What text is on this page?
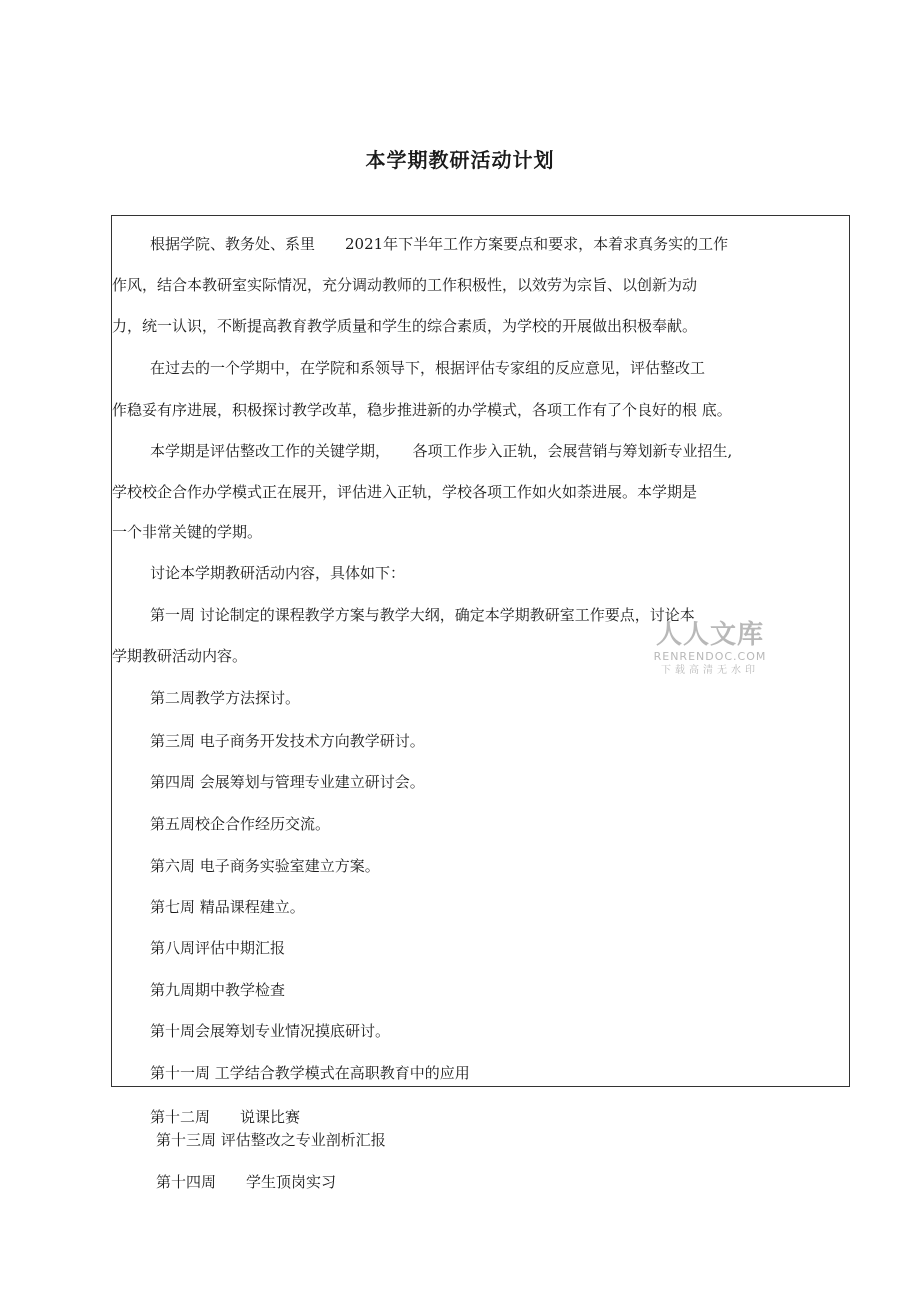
本学期教研活动计划
根据学院、教务处、系里　　2021年下半年工作方案要点和要求，本着求真务实的工作
作风，结合本教研室实际情况，充分调动教师的工作积极性，以效劳为宗旨、以创新为动
力，统一认识，不断提高教育教学质量和学生的综合素质，为学校的开展做出积极奉献。
在过去的一个学期中，在学院和系领导下，根据评估专家组的反应意见，评估整改工
作稳妥有序进展，积极探讨教学改革，稳步推进新的办学模式，各项工作有了个良好的根 底。
本学期是评估整改工作的关键学期，　　各项工作步入正轨，会展营销与筹划新专业招生,
学校校企合作办学模式正在展开，评估进入正轨，学校各项工作如火如荼进展。本学期是
一个非常关键的学期。
讨论本学期教研活动内容，具体如下：
第一周 讨论制定的课程教学方案与教学大纲，确定本学期教研室工作要点，讨论本
学期教研活动内容。
第二周教学方法探讨。
第三周 电子商务开发技术方向教学研讨。
第四周 会展筹划与管理专业建立研讨会。
第五周校企合作经历交流。
第六周 电子商务实验室建立方案。
第七周 精品课程建立。
第八周评估中期汇报
第九周期中教学检查
第十周会展筹划专业情况摸底研讨。
第十一周 工学结合教学模式在高职教育中的应用
第十二周　　说课比赛
第十三周 评估整改之专业剖析汇报
第十四周　　学生顶岗实习
人人文库
RENRENDOC.COM
下载高清无水印
